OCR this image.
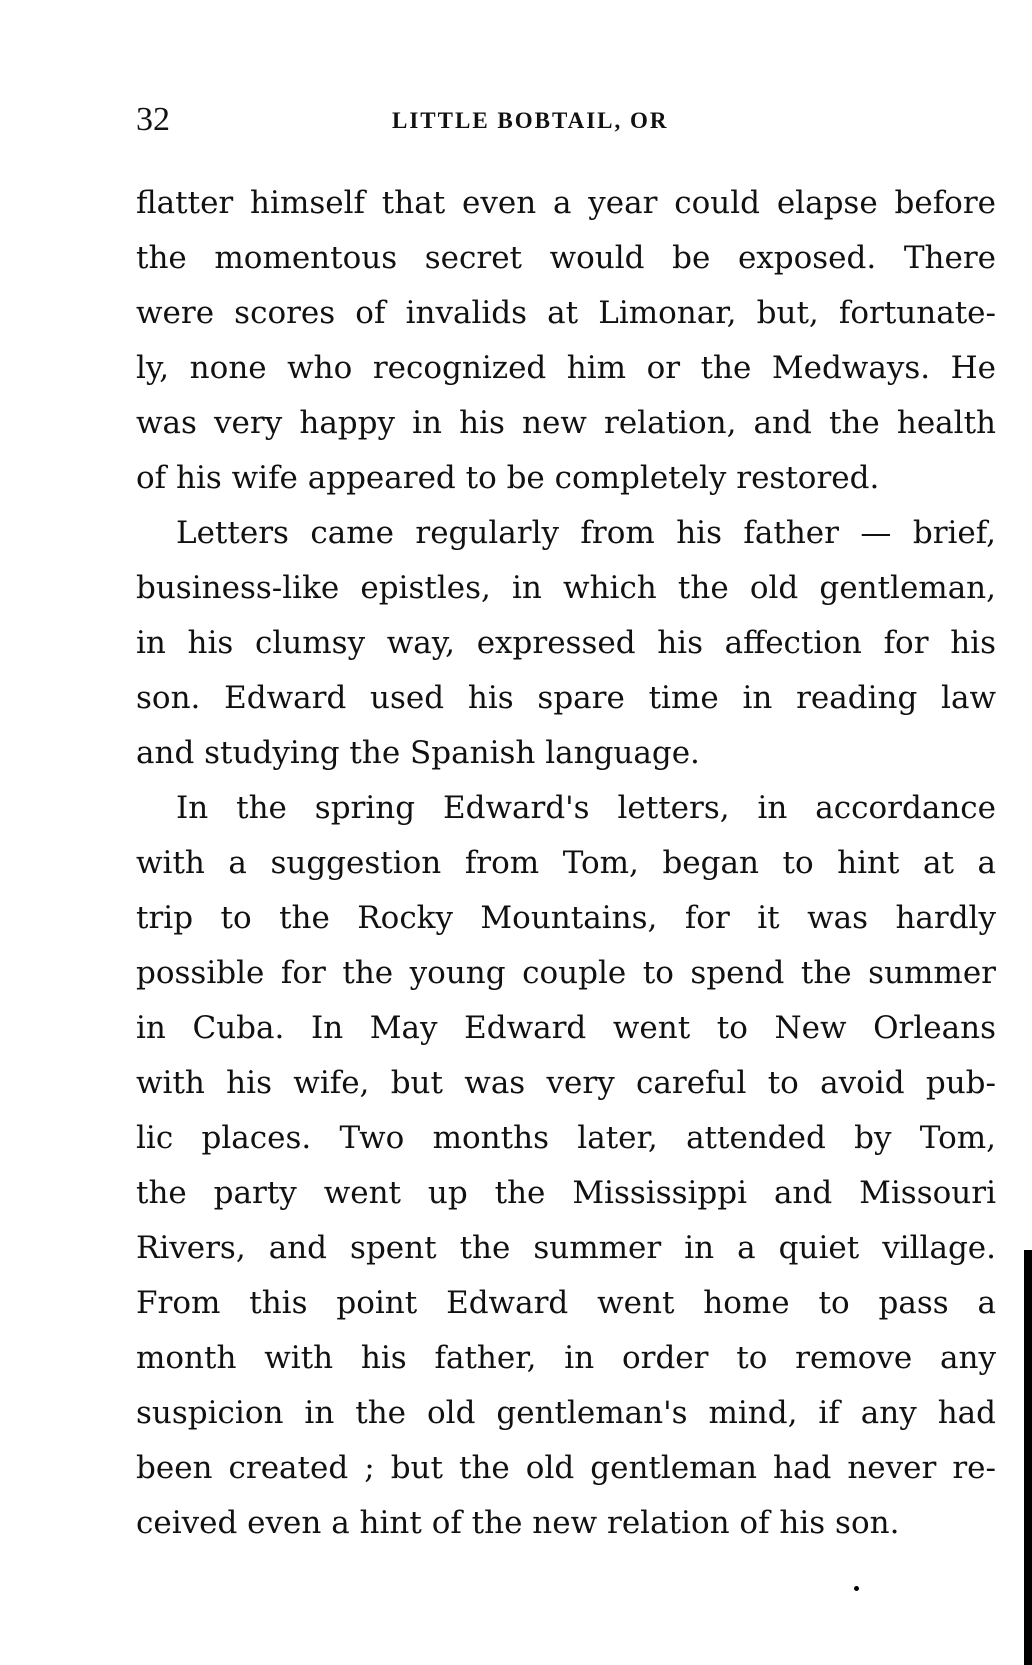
32	LITTLE BOBTAIL, OR
flatter himself that even a year could elapse before
the momentous secret would be exposed. There
were scores of invalids at Limonar, but, fortunate-
ly, none who recognized him or the Medways. He
was very happy in his new relation, and the health
of his wife appeared to be completely restored.
Letters came regularly from his father — brief,
business-like epistles, in which the old gentleman,
in his clumsy way, expressed his affection for his
son. Edward used his spare time in reading law
and studying the Spanish language.
In the spring Edward's letters, in accordance
with a suggestion from Tom, began to hint at a
trip to the Rocky Mountains, for it was hardly
possible for the young couple to spend the summer
in Cuba. In May Edward went to New Orleans
with his wife, but was very careful to avoid pub-
lic places. Two months later, attended by Tom,
the party went up the Mississippi and Missouri
Rivers, and spent the summer in a quiet village.
From this point Edward went home to pass a
month with his father, in order to remove any
suspicion in the old gentleman's mind, if any had
been created ; but the old gentleman had never re-
ceived even a hint of the new relation of his son.
